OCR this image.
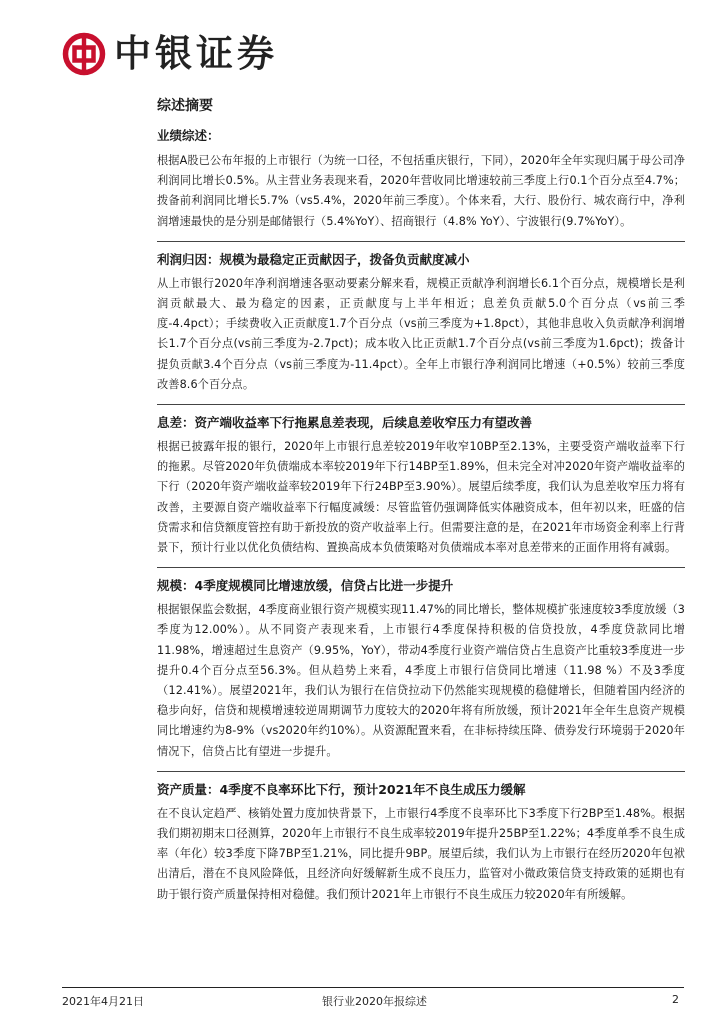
中银证券
综述摘要
业绩综述：

根据A股已公布年报的上市银行（为统一口径，不包括重庆银行，下同），2020年全年实现归属于母公司净利润同比增长0.5%。从主营业务表现来看，2020年营收同比增速较前三季度上行0.1个百分点至4.7%；拨备前利润同比增长5.7%（vs5.4%，2020年前三季度）。个体来看，大行、股份行、城农商行中，净利润增速最快的是分别是邮储银行（5.4%YoY）、招商银行（4.8% YoY）、宁波银行(9.7%YoY）。

利润归因：规模为最稳定正贡献因子，拨备负贡献度减小

从上市银行2020年净利润增速各驱动要素分解来看，规模正贡献净利润增长6.1个百分点，规模增长是利润贡献最大、最为稳定的因素，正贡献度与上半年相近；息差负贡献5.0个百分点（vs前三季度-4.4pct）；手续费收入正贡献度1.7个百分点（vs前三季度为+1.8pct），其他非息收入负贡献净利润增长1.7个百分点(vs前三季度为-2.7pct)；成本收入比正贡献1.7个百分点(vs前三季度为1.6pct)；拨备计提负贡献3.4个百分点（vs前三季度为-11.4pct）。全年上市银行净利润同比增速（+0.5%）较前三季度改善8.6个百分点。

息差：资产端收益率下行拖累息差表现，后续息差收窄压力有望改善

根据已披露年报的银行，2020年上市银行息差较2019年收窄10BP至2.13%，主要受资产端收益率下行的拖累。尽管2020年负债端成本率较2019年下行14BP至1.89%，但未完全对冲2020年资产端收益率的下行（2020年资产端收益率较2019年下行24BP至3.90%）。展望后续季度，我们认为息差收窄压力将有改善，主要源自资产端收益率下行幅度减缓：尽管监管仍强调降低实体融资成本，但年初以来，旺盛的信贷需求和信贷额度管控有助于新投放的资产收益率上行。但需要注意的是，在2021年市场资金利率上行背景下，预计行业以优化负债结构、置换高成本负债策略对负债端成本率对息差带来的正面作用将有减弱。

规模：4季度规模同比增速放缓，信贷占比进一步提升

根据银保监会数据，4季度商业银行资产规模实现11.47%的同比增长，整体规模扩张速度较3季度放缓（3季度为12.00%）。从不同资产表现来看，上市银行4季度保持积极的信贷投放，4季度贷款同比增11.98%，增速超过生息资产（9.95%，YoY），带动4季度行业资产端信贷占生息资产比重较3季度进一步提升0.4个百分点至56.3%。但从趋势上来看，4季度上市银行信贷同比增速（11.98 %）不及3季度（12.41%）。展望2021年，我们认为银行在信贷拉动下仍然能实现规模的稳健增长，但随着国内经济的稳步向好，信贷和规模增速较逆周期调节力度较大的2020年将有所放缓，预计2021年全年生息资产规模同比增速约为8-9%（vs2020年约10%）。从资源配置来看，在非标持续压降、债券发行环境弱于2020年情况下，信贷占比有望进一步提升。

资产质量：4季度不良率环比下行，预计2021年不良生成压力缓解

在不良认定趋严、核销处置力度加快背景下，上市银行4季度不良率环比下3季度下行2BP至1.48%。根据我们期初期末口径测算，2020年上市银行不良生成率较2019年提升25BP至1.22%；4季度单季不良生成率（年化）较3季度下降7BP至1.21%，同比提升9BP。展望后续，我们认为上市银行在经历2020年包袱出清后，潜在不良风险降低，且经济向好缓解新生成不良压力，监管对小微政策信贷支持政策的延期也有助于银行资产质量保持相对稳健。我们预计2021年上市银行不良生成压力较2020年有所缓解。

2021年4月21日	银行业2020年报综述	2
